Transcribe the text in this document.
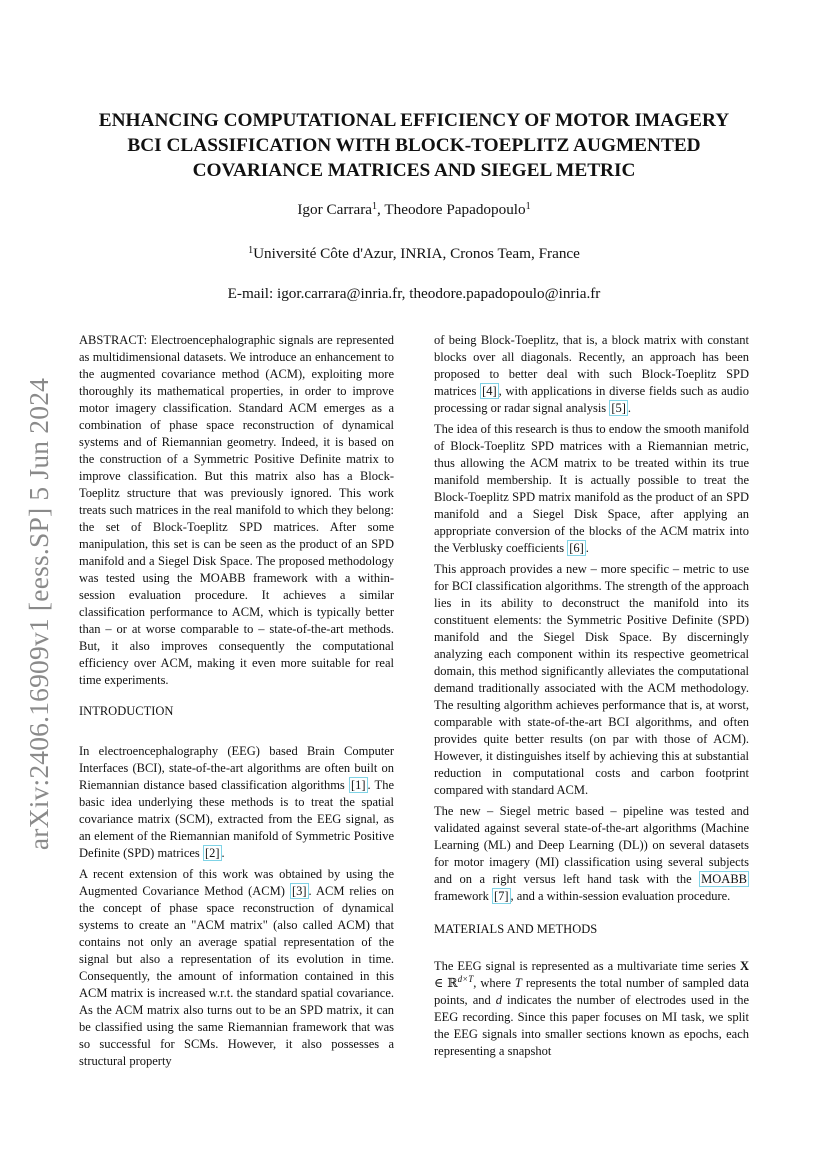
arXiv:2406.16909v1 [eess.SP] 5 Jun 2024
ENHANCING COMPUTATIONAL EFFICIENCY OF MOTOR IMAGERY
BCI CLASSIFICATION WITH BLOCK-TOEPLITZ AUGMENTED
COVARIANCE MATRICES AND SIEGEL METRIC
Igor Carrara$^1$, Theodore Papadopoulo$^1$
$^1$Université Côte d'Azur, INRIA, Cronos Team, France
E-mail: igor.carrara@inria.fr, theodore.papadopoulo@inria.fr

ABSTRACT: Electroencephalographic signals are represented as multidimensional datasets. We introduce an enhancement to the augmented covariance method (ACM), exploiting more thoroughly its mathematical properties, in order to improve motor imagery classification. Standard ACM emerges as a combination of phase space reconstruction of dynamical systems and of Riemannian geometry. Indeed, it is based on the construction of a Symmetric Positive Definite matrix to improve classification. But this matrix also has a Block-Toeplitz structure that was previously ignored. This work treats such matrices in the real manifold to which they belong: the set of Block-Toeplitz SPD matrices. After some manipulation, this set is can be seen as the product of an SPD manifold and a Siegel Disk Space. The proposed methodology was tested using the MOABB framework with a within-session evaluation procedure. It achieves a similar classification performance to ACM, which is typically better than – or at worse comparable to – state-of-the-art methods. But, it also improves consequently the computational efficiency over ACM, making it even more suitable for real time experiments.

INTRODUCTION

In electroencephalography (EEG) based Brain Computer Interfaces (BCI), state-of-the-art algorithms are often built on Riemannian distance based classification algorithms [1] . The basic idea underlying these methods is to treat the spatial covariance matrix (SCM), extracted from the EEG signal, as an element of the Riemannian manifold of Symmetric Positive Definite (SPD) matrices [2] .

A recent extension of this work was obtained by using the Augmented Covariance Method (ACM) [3] . ACM relies on the concept of phase space reconstruction of dynamical systems to create an "ACM matrix" (also called ACM) that contains not only an average spatial representation of the signal but also a representation of its evolution in time. Consequently, the amount of information contained in this ACM matrix is increased w.r.t. the standard spatial covariance. As the ACM matrix also turns out to be an SPD matrix, it can be classified using the same Riemannian framework that was so successful for SCMs. However, it also possesses a structural property

of being Block-Toeplitz, that is, a block matrix with constant blocks over all diagonals. Recently, an approach has been proposed to better deal with such Block-Toeplitz SPD matrices [4] , with applications in diverse fields such as audio processing or radar signal analysis [5] .

The idea of this research is thus to endow the smooth manifold of Block-Toeplitz SPD matrices with a Riemannian metric, thus allowing the ACM matrix to be treated within its true manifold membership. It is actually possible to treat the Block-Toeplitz SPD matrix manifold as the product of an SPD manifold and a Siegel Disk Space, after applying an appropriate conversion of the blocks of the ACM matrix into the Verblusky coefficients [6] .

This approach provides a new – more specific – metric to use for BCI classification algorithms. The strength of the approach lies in its ability to deconstruct the manifold into its constituent elements: the Symmetric Positive Definite (SPD) manifold and the Siegel Disk Space. By discerningly analyzing each component within its respective geometrical domain, this method significantly alleviates the computational demand traditionally associated with the ACM methodology. The resulting algorithm achieves performance that is, at worst, comparable with state-of-the-art BCI algorithms, and often provides quite better results (on par with those of ACM). However, it distinguishes itself by achieving this at substantial reduction in computational costs and carbon footprint compared with standard ACM.

The new – Siegel metric based – pipeline was tested and validated against several state-of-the-art algorithms (Machine Learning (ML) and Deep Learning (DL)) on several datasets for motor imagery (MI) classification using several subjects and on a right versus left hand task with the MOABB framework [7] , and a within-session evaluation procedure.

MATERIALS AND METHODS

The EEG signal is represented as a multivariate time series X ∈ ℝ$^{d\times T}$, where T represents the total number of sampled data points, and d indicates the number of electrodes used in the EEG recording. Since this paper focuses on MI task, we split the EEG signals into smaller sections known as epochs, each representing a snapshot
